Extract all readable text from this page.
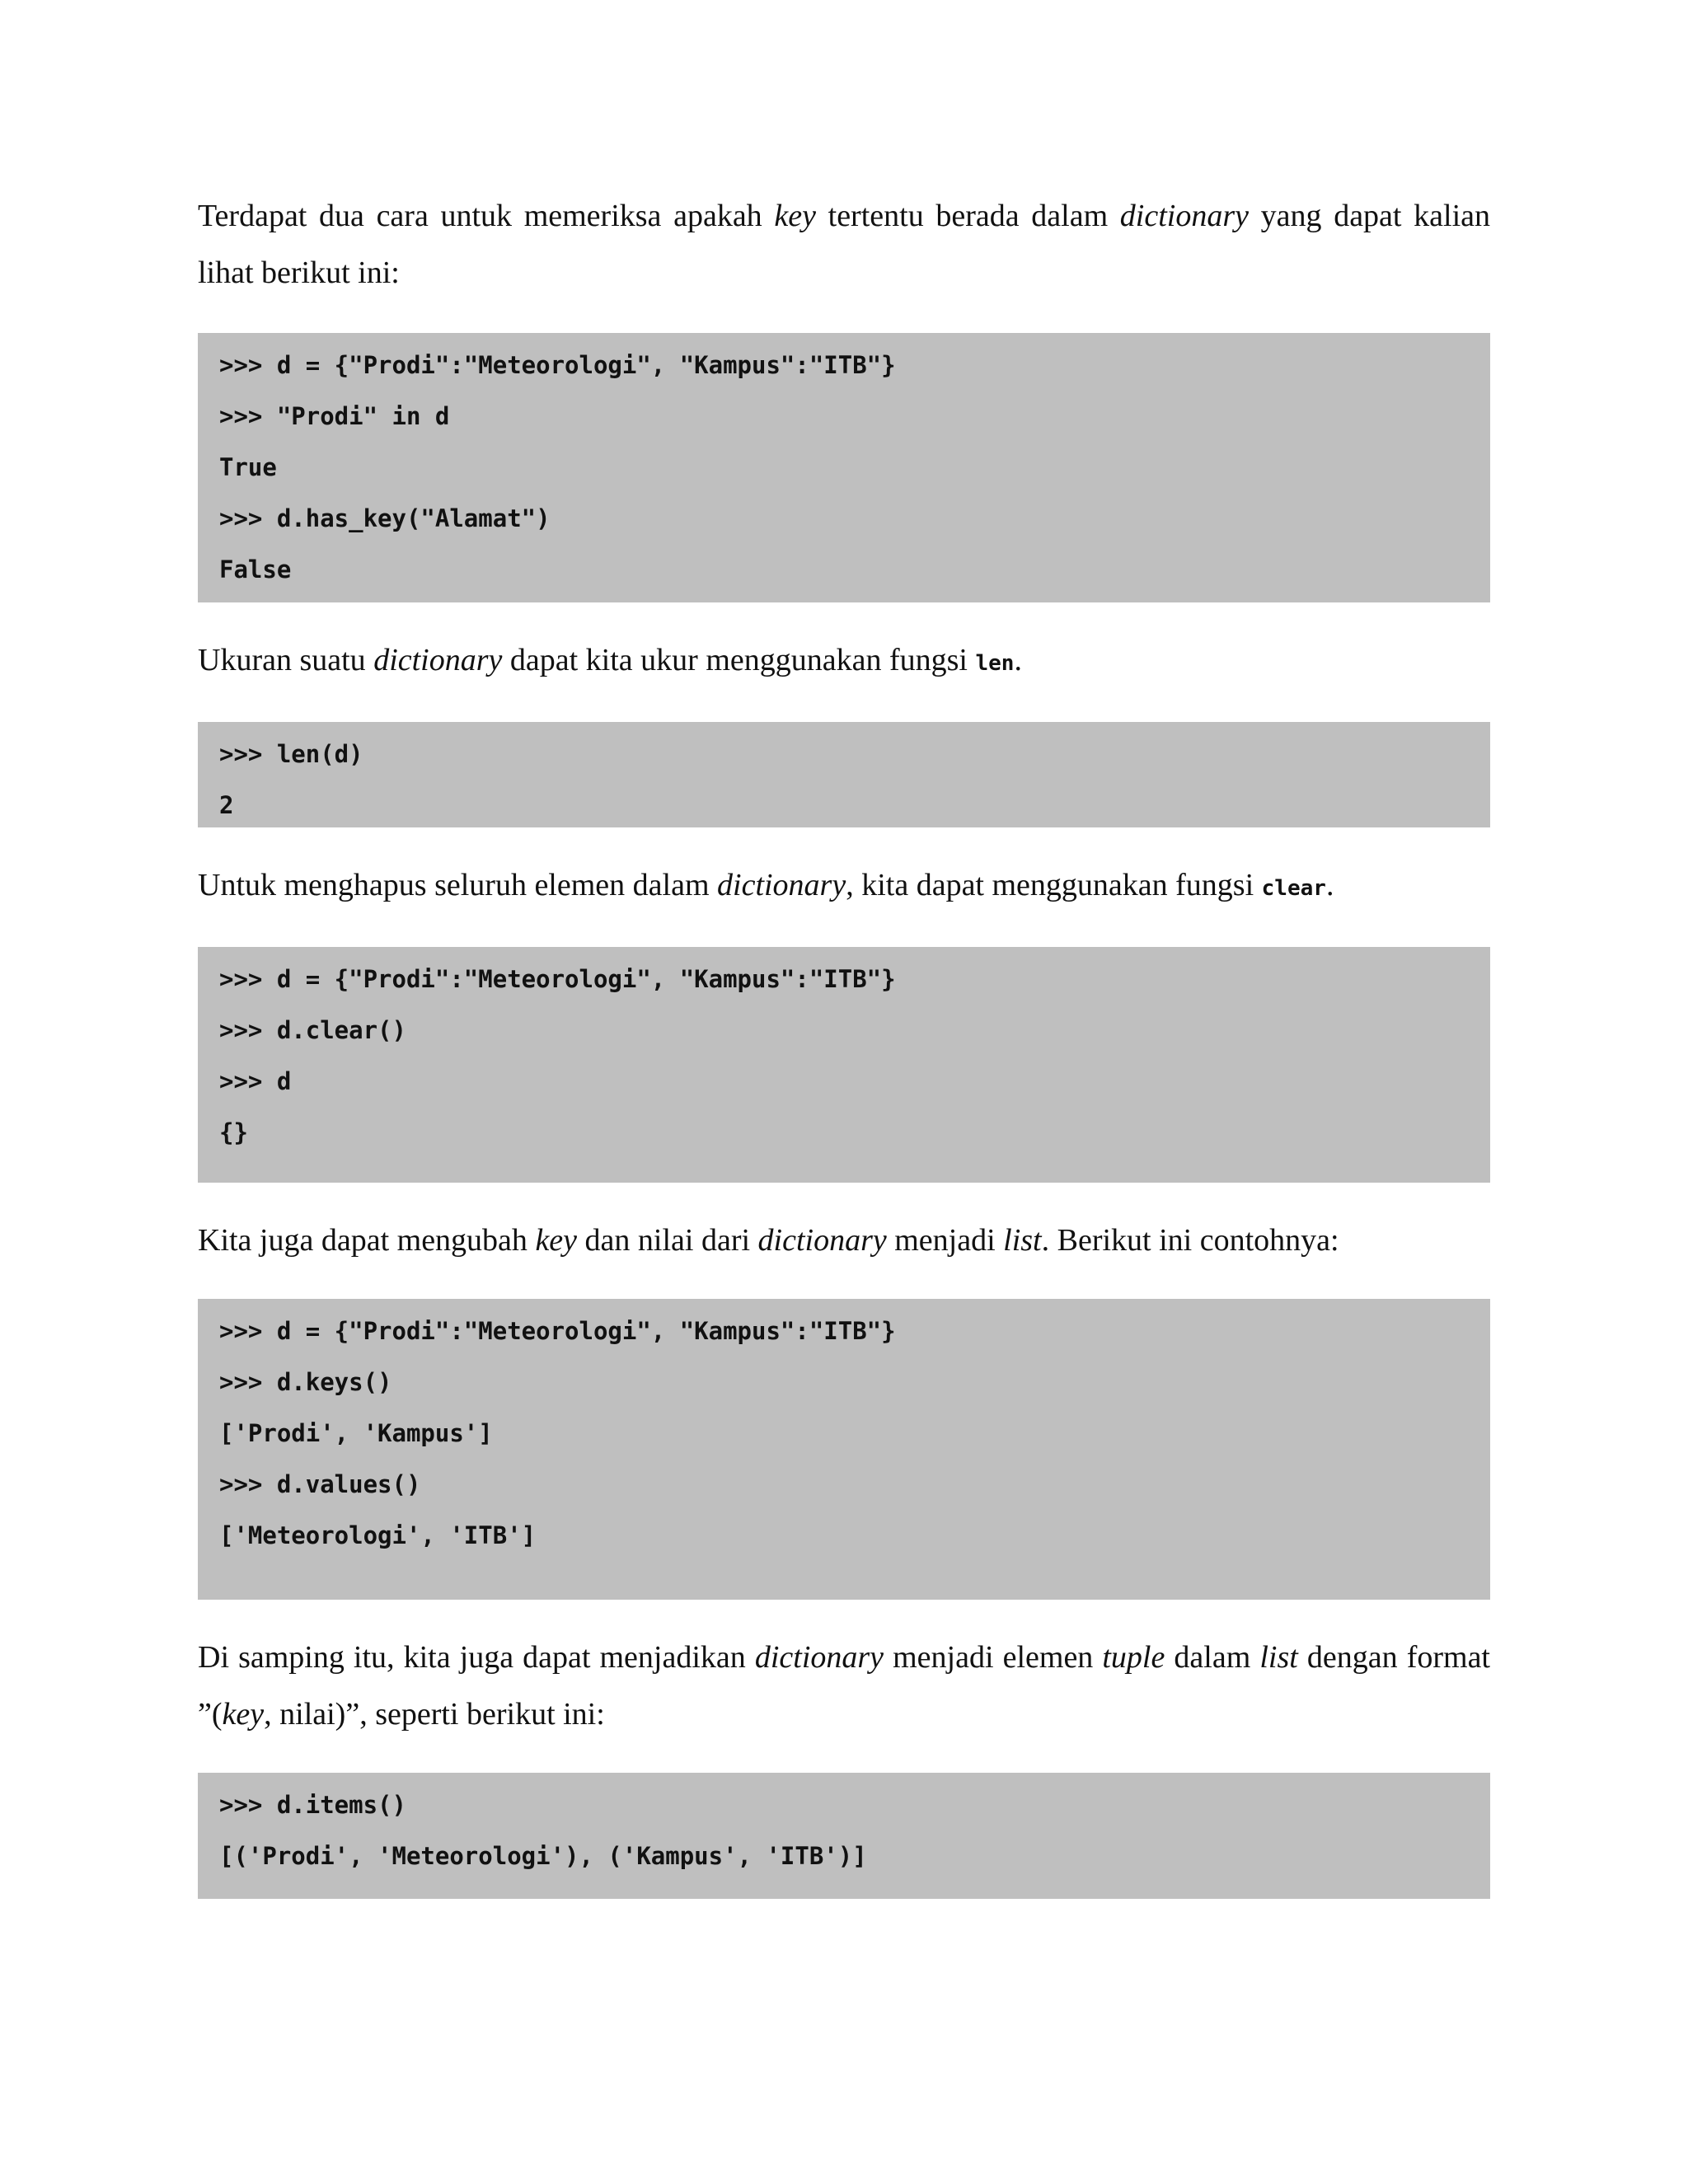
Terdapat dua cara untuk memeriksa apakah key tertentu berada dalam dictionary yang dapat kalian lihat berikut ini:

>>> d = {"Prodi":"Meteorologi", "Kampus":"ITB"}
>>> "Prodi" in d
True
>>> d.has_key("Alamat")
False

Ukuran suatu dictionary dapat kita ukur menggunakan fungsi len.

>>> len(d)
2

Untuk menghapus seluruh elemen dalam dictionary, kita dapat menggunakan fungsi clear.

>>> d = {"Prodi":"Meteorologi", "Kampus":"ITB"}
>>> d.clear()
>>> d
{}

Kita juga dapat mengubah key dan nilai dari dictionary menjadi list. Berikut ini contohnya:

>>> d = {"Prodi":"Meteorologi", "Kampus":"ITB"}
>>> d.keys()
['Prodi', 'Kampus']
>>> d.values()
['Meteorologi', 'ITB']

Di samping itu, kita juga dapat menjadikan dictionary menjadi elemen tuple dalam list dengan format ”(key, nilai)”, seperti berikut ini:

>>> d.items()
[('Prodi', 'Meteorologi'), ('Kampus', 'ITB')]
